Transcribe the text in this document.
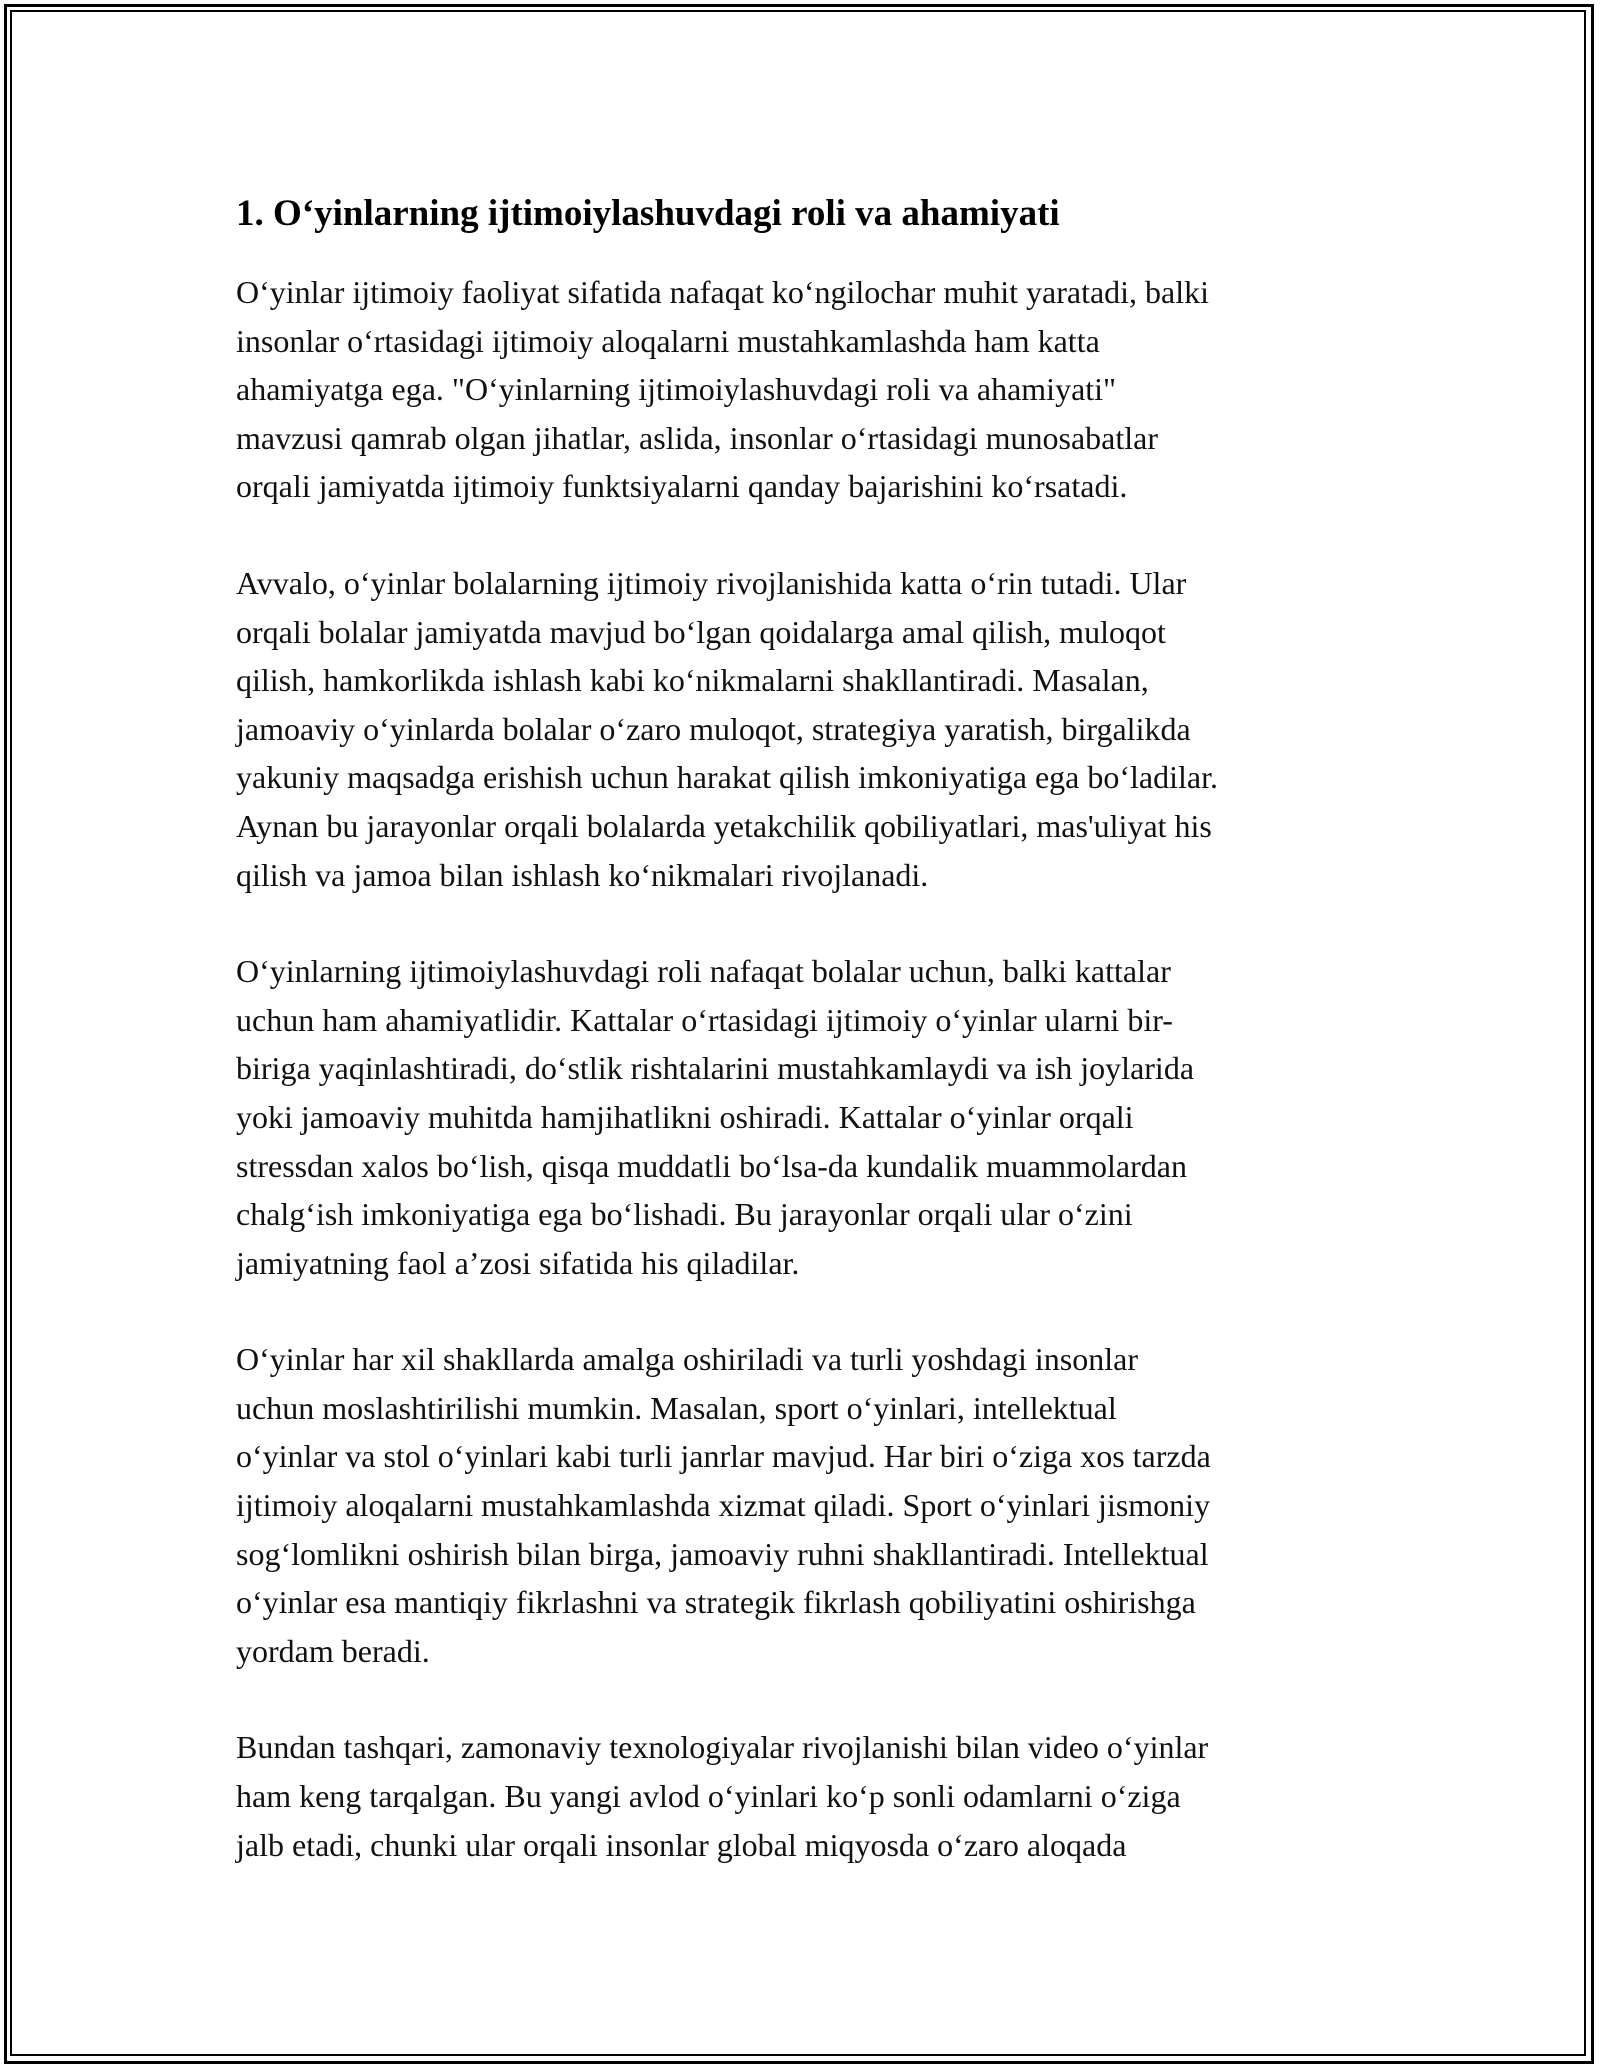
1. O‘yinlarning ijtimoiylashuvdagi roli va ahamiyati

O‘yinlar ijtimoiy faoliyat sifatida nafaqat ko‘ngilochar muhit yaratadi, balki
insonlar o‘rtasidagi ijtimoiy aloqalarni mustahkamlashda ham katta
ahamiyatga ega. "O‘yinlarning ijtimoiylashuvdagi roli va ahamiyati"
mavzusi qamrab olgan jihatlar, aslida, insonlar o‘rtasidagi munosabatlar
orqali jamiyatda ijtimoiy funktsiyalarni qanday bajarishini ko‘rsatadi.

Avvalo, o‘yinlar bolalarning ijtimoiy rivojlanishida katta o‘rin tutadi. Ular
orqali bolalar jamiyatda mavjud bo‘lgan qoidalarga amal qilish, muloqot
qilish, hamkorlikda ishlash kabi ko‘nikmalarni shakllantiradi. Masalan,
jamoaviy o‘yinlarda bolalar o‘zaro muloqot, strategiya yaratish, birgalikda
yakuniy maqsadga erishish uchun harakat qilish imkoniyatiga ega bo‘ladilar.
Aynan bu jarayonlar orqali bolalarda yetakchilik qobiliyatlari, mas'uliyat his
qilish va jamoa bilan ishlash ko‘nikmalari rivojlanadi.

O‘yinlarning ijtimoiylashuvdagi roli nafaqat bolalar uchun, balki kattalar
uchun ham ahamiyatlidir. Kattalar o‘rtasidagi ijtimoiy o‘yinlar ularni bir-
biriga yaqinlashtiradi, do‘stlik rishtalarini mustahkamlaydi va ish joylarida
yoki jamoaviy muhitda hamjihatlikni oshiradi. Kattalar o‘yinlar orqali
stressdan xalos bo‘lish, qisqa muddatli bo‘lsa-da kundalik muammolardan
chalg‘ish imkoniyatiga ega bo‘lishadi. Bu jarayonlar orqali ular o‘zini
jamiyatning faol a’zosi sifatida his qiladilar.

O‘yinlar har xil shakllarda amalga oshiriladi va turli yoshdagi insonlar
uchun moslashtirilishi mumkin. Masalan, sport o‘yinlari, intellektual
o‘yinlar va stol o‘yinlari kabi turli janrlar mavjud. Har biri o‘ziga xos tarzda
ijtimoiy aloqalarni mustahkamlashda xizmat qiladi. Sport o‘yinlari jismoniy
sog‘lomlikni oshirish bilan birga, jamoaviy ruhni shakllantiradi. Intellektual
o‘yinlar esa mantiqiy fikrlashni va strategik fikrlash qobiliyatini oshirishga
yordam beradi.

Bundan tashqari, zamonaviy texnologiyalar rivojlanishi bilan video o‘yinlar
ham keng tarqalgan. Bu yangi avlod o‘yinlari ko‘p sonli odamlarni o‘ziga
jalb etadi, chunki ular orqali insonlar global miqyosda o‘zaro aloqada
